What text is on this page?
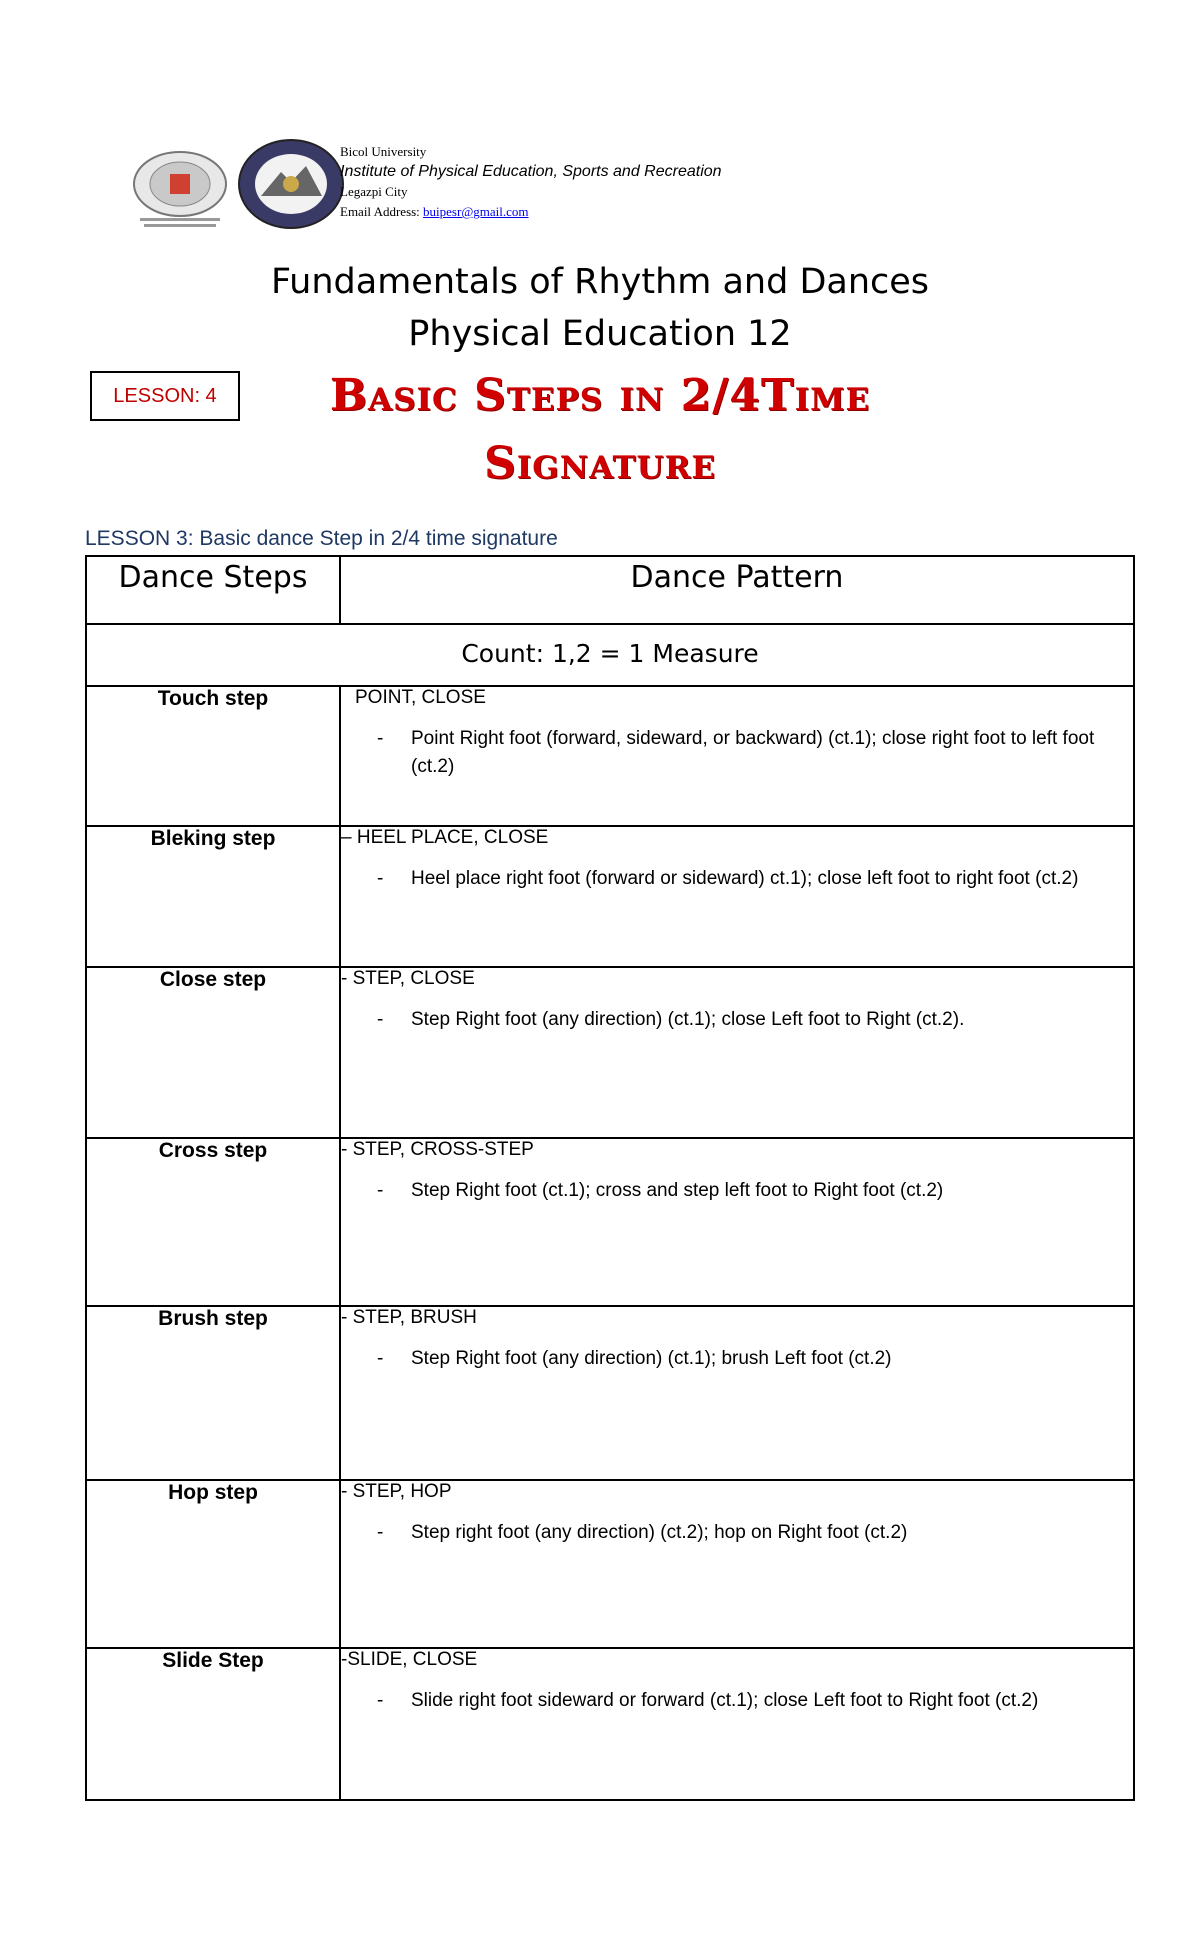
Bicol University
Institute of Physical Education, Sports and Recreation
Legazpi City
Email Address: buipesr@gmail.com
Fundamentals of Rhythm and Dances
Physical Education 12
LESSON: 4	Basic Steps in 2/4Time
Signature
LESSON 3: Basic dance Step in 2/4 time signature
Dance Steps	Dance Pattern
Count: 1,2 = 1 Measure	
Touch step	POINT, CLOSE
- Point Right foot (forward, sideward, or backward) (ct.1); close right foot to left foot (ct.2)

Bleking step	– HEEL PLACE, CLOSE
- Heel place right foot (forward or sideward) ct.1); close left foot to right foot (ct.2)

Close step	- STEP, CLOSE
- Step Right foot (any direction) (ct.1); close Left foot to Right (ct.2).

Cross step	- STEP, CROSS-STEP
- Step Right foot (ct.1); cross and step left foot to Right foot (ct.2)

Brush step	- STEP, BRUSH
- Step Right foot (any direction) (ct.1); brush Left foot (ct.2)

Hop step	- STEP, HOP
- Step right foot (any direction) (ct.2); hop on Right foot (ct.2)

Slide Step	-SLIDE, CLOSE
- Slide right foot sideward or forward (ct.1); close Left foot to Right foot (ct.2)
